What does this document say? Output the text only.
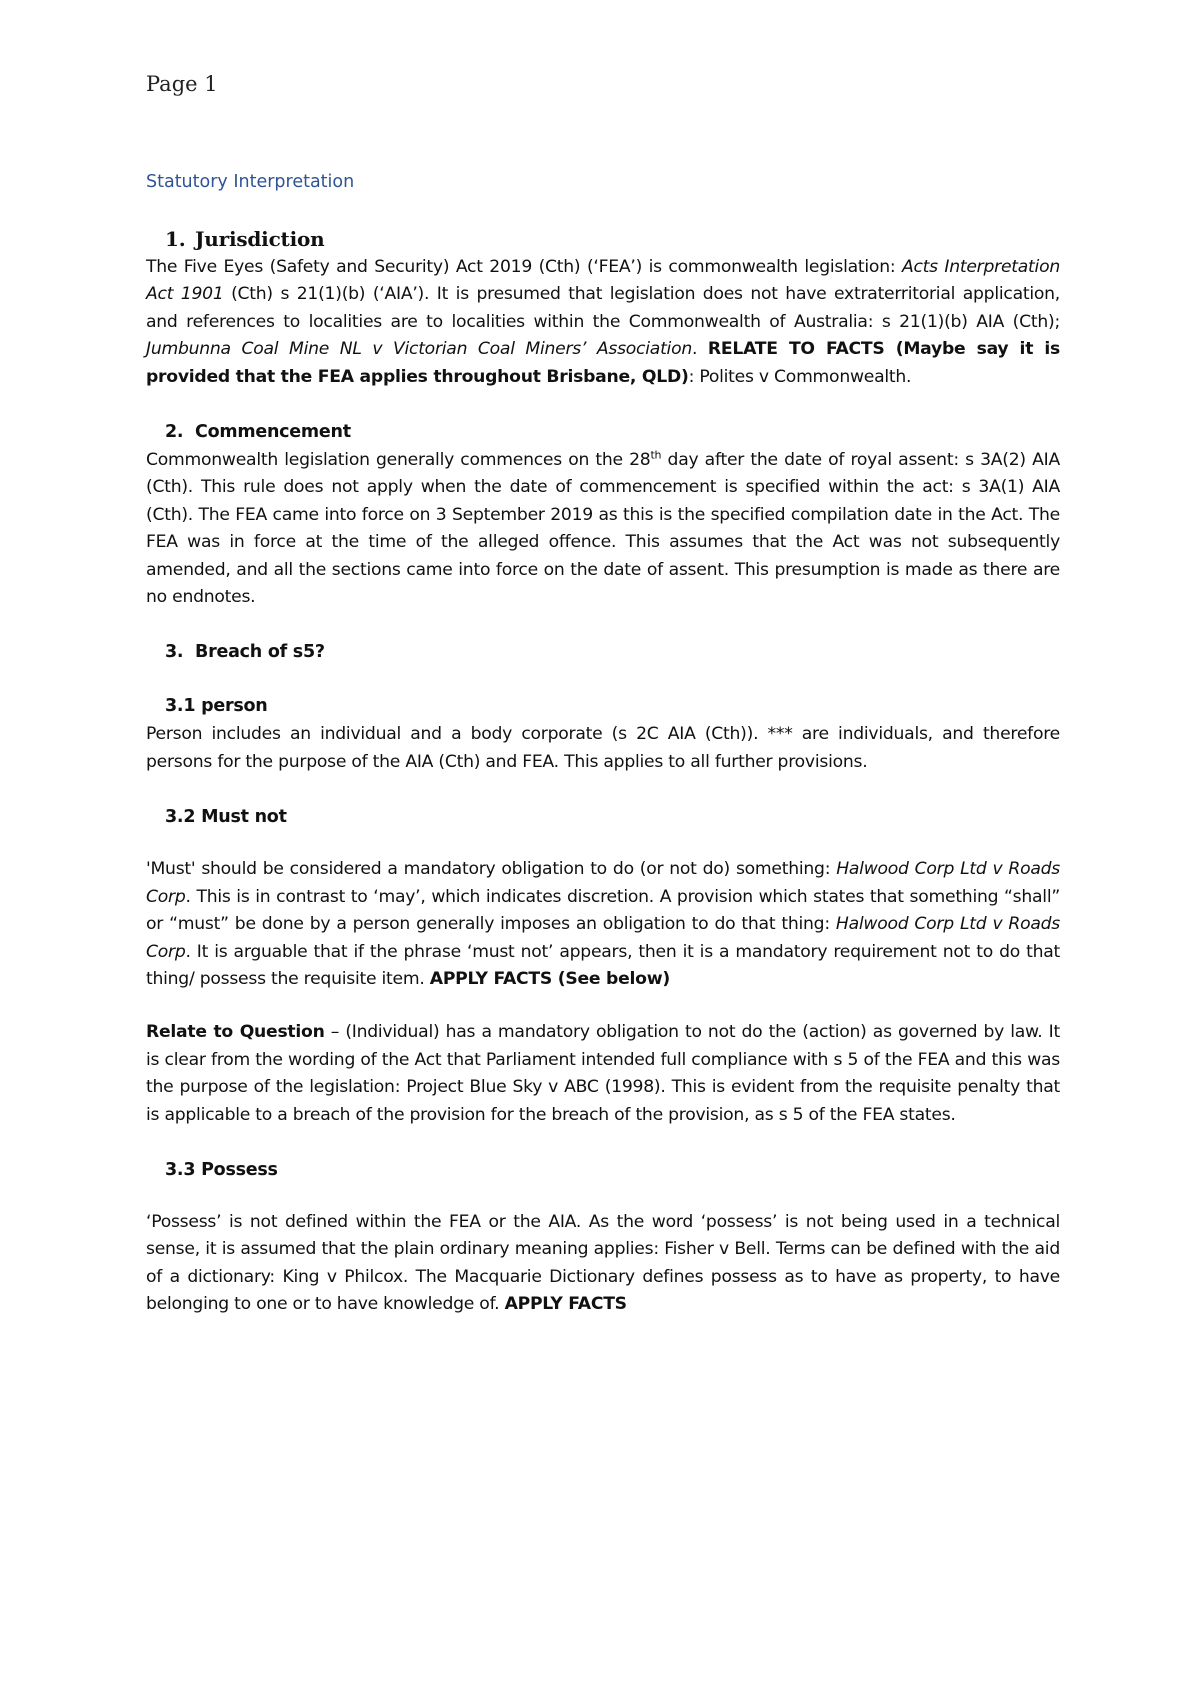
Page 1
Statutory Interpretation
1. Jurisdiction

The Five Eyes (Safety and Security) Act 2019 (Cth) (‘FEA’) is commonwealth legislation: Acts Interpretation Act 1901 (Cth) s 21(1)(b) (‘AIA’). It is presumed that legislation does not have extraterritorial application, and references to localities are to localities within the Commonwealth of Australia: s 21(1)(b) AIA (Cth); Jumbunna Coal Mine NL v Victorian Coal Miners’ Association. RELATE TO FACTS (Maybe say it is provided that the FEA applies throughout Brisbane, QLD): Polites v Commonwealth.

2. Commencement

Commonwealth legislation generally commences on the 28th day after the date of royal assent: s 3A(2) AIA (Cth). This rule does not apply when the date of commencement is specified within the act: s 3A(1) AIA (Cth). The FEA came into force on 3 September 2019 as this is the specified compilation date in the Act. The FEA was in force at the time of the alleged offence. This assumes that the Act was not subsequently amended, and all the sections came into force on the date of assent. This presumption is made as there are no endnotes.

3. Breach of s5?
3.1 person

Person includes an individual and a body corporate (s 2C AIA (Cth)). *** are individuals, and therefore persons for the purpose of the AIA (Cth) and FEA. This applies to all further provisions.

3.2 Must not

'Must' should be considered a mandatory obligation to do (or not do) something: Halwood Corp Ltd v Roads Corp. This is in contrast to ‘may’, which indicates discretion. A provision which states that something “shall” or “must” be done by a person generally imposes an obligation to do that thing: Halwood Corp Ltd v Roads Corp. It is arguable that if the phrase ‘must not’ appears, then it is a mandatory requirement not to do that thing/ possess the requisite item. APPLY FACTS (See below)

Relate to Question – (Individual) has a mandatory obligation to not do the (action) as governed by law. It is clear from the wording of the Act that Parliament intended full compliance with s 5 of the FEA and this was the purpose of the legislation: Project Blue Sky v ABC (1998). This is evident from the requisite penalty that is applicable to a breach of the provision for the breach of the provision, as s 5 of the FEA states.

3.3 Possess

‘Possess’ is not defined within the FEA or the AIA. As the word ‘possess’ is not being used in a technical sense, it is assumed that the plain ordinary meaning applies: Fisher v Bell. Terms can be defined with the aid of a dictionary: King v Philcox. The Macquarie Dictionary defines possess as to have as property, to have belonging to one or to have knowledge of. APPLY FACTS
